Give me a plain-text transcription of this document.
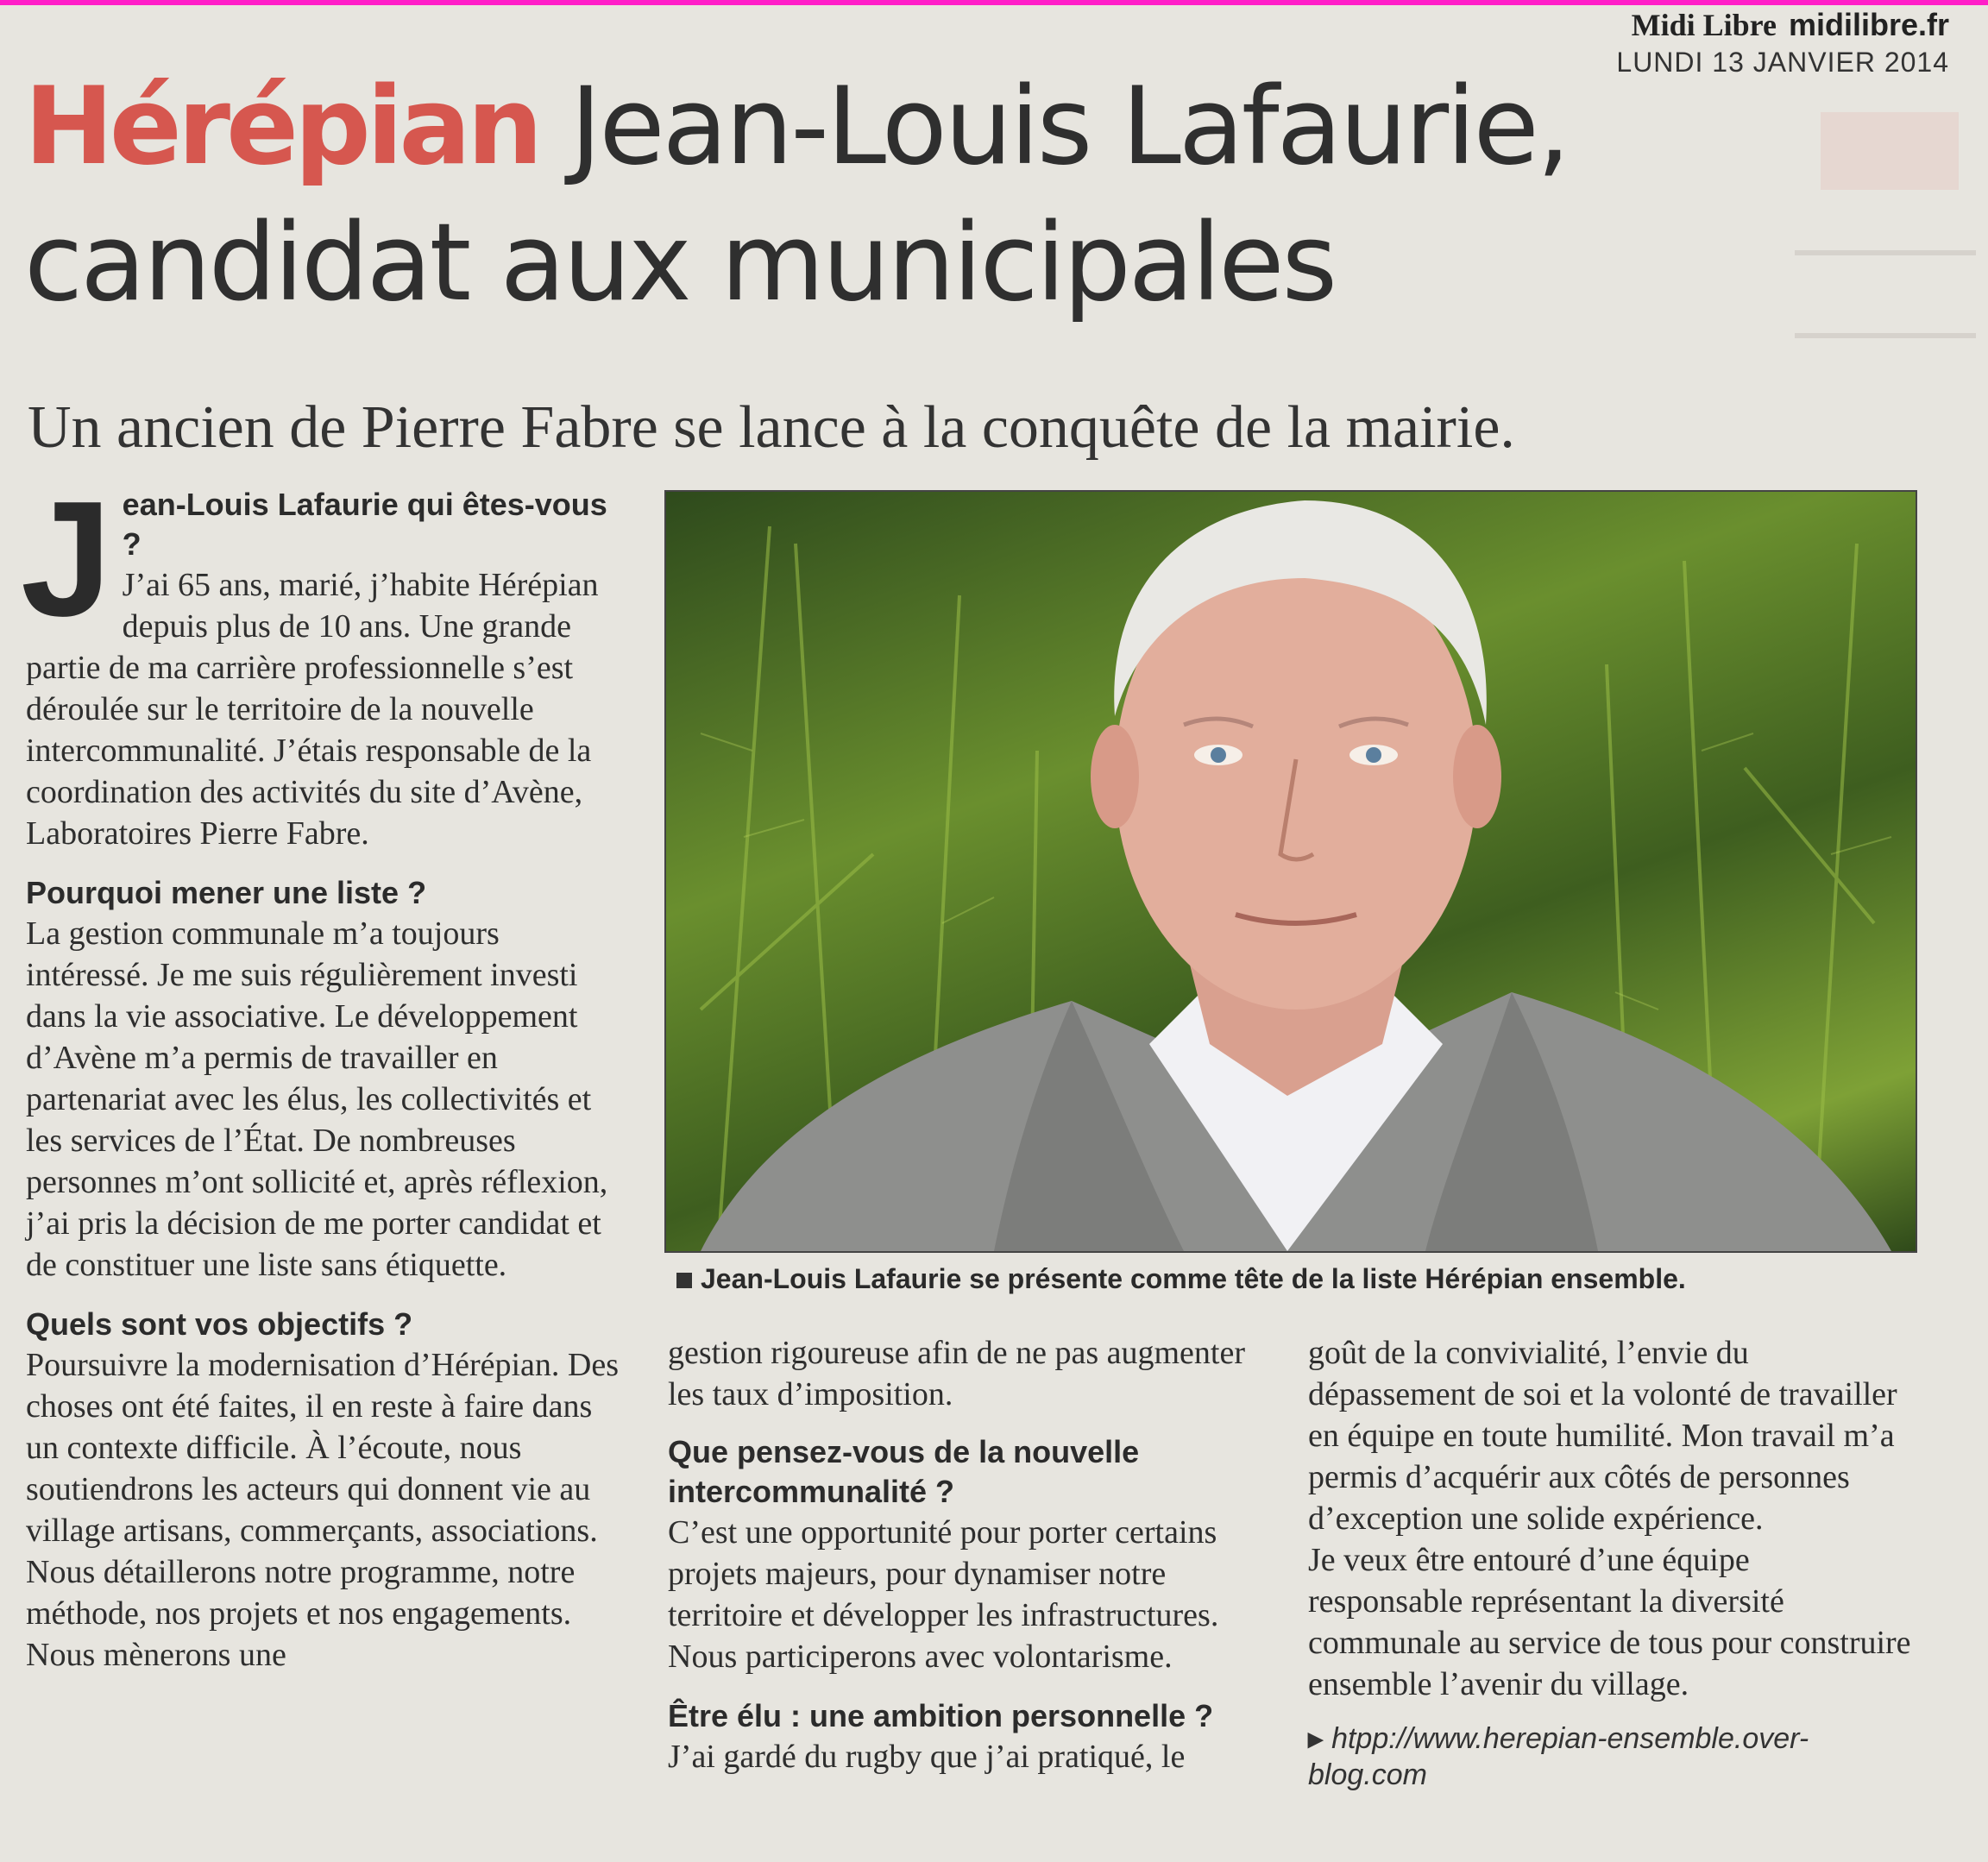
Midi Libre midilibre.fr
LUNDI 13 JANVIER 2014
Hérépian Jean-Louis Lafaurie,
candidat aux municipales
Un ancien de Pierre Fabre se lance à la conquête de la mairie.
J ean-Louis Lafaurie qui êtes-vous ?

J’ai 65 ans, marié, j’habite Hérépian depuis plus de 10 ans. Une grande partie de ma carrière professionnelle s’est déroulée sur le territoire de la nouvelle intercommunalité. J’étais responsable de la coordination des activités du site d’Avène, Laboratoires Pierre Fabre.

Pourquoi mener une liste ?

La gestion communale m’a toujours intéressé. Je me suis régulièrement investi dans la vie associative. Le développement d’Avène m’a permis de travailler en partenariat avec les élus, les collectivités et les services de l’État. De nombreuses personnes m’ont sollicité et, après réflexion, j’ai pris la décision de me porter candidat et de constituer une liste sans étiquette.

Quels sont vos objectifs ?

Poursuivre la modernisation d’Hérépian. Des choses ont été faites, il en reste à faire dans un contexte difficile. À l’écoute, nous soutiendrons les acteurs qui donnent vie au village artisans, commerçants, associations. Nous détaillerons notre programme, notre méthode, nos projets et nos engagements. Nous mènerons une

Jean-Louis Lafaurie se présente comme tête de la liste Hérépian ensemble.

gestion rigoureuse afin de ne pas augmenter les taux d’imposition.

Que pensez-vous de la nouvelle intercommunalité ?

C’est une opportunité pour porter certains projets majeurs, pour dynamiser notre territoire et développer les infrastructures. Nous participerons avec volontarisme.

Être élu : une ambition personnelle ?

J’ai gardé du rugby que j’ai pratiqué, le

goût de la convivialité, l’envie du dépassement de soi et la volonté de travailler en équipe en toute humilité. Mon travail m’a permis d’acquérir aux côtés de personnes d’exception une solide expérience.

Je veux être entouré d’une équipe responsable représentant la diversité communale au service de tous pour construire ensemble l’avenir du village.

▸ htpp://www.herepian-ensemble.over-blog.com
